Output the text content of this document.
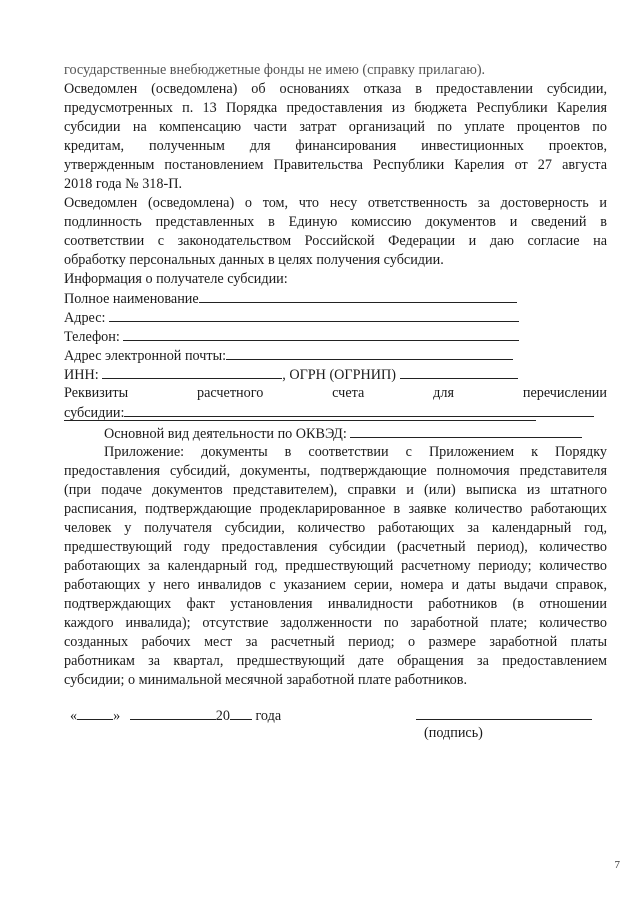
государственные внебюджетные фонды не имею (справку прилагаю).
Осведомлен (осведомлена) об основаниях отказа в предоставлении субсидии,
предусмотренных п. 13 Порядка предоставления из бюджета Республики Карелия
субсидии на компенсацию части затрат организаций по уплате процентов по
кредитам, полученным для финансирования инвестиционных проектов,
утвержденным постановлением Правительства Республики Карелия от 27 августа
2018 года № 318-П.
Осведомлен (осведомлена) о том, что несу ответственность за достоверность и
подлинность представленных в Единую комиссию документов и сведений в
соответствии с законодательством Российской Федерации и даю согласие на
обработку персональных данных в целях получения субсидии.
Информация о получателе субсидии:
Полное наименование
Адрес:
Телефон:
Адрес электронной почты:
ИНН:	, ОГРН (ОГРНИП)
Реквизиты	расчетного	счета	для	перечислении
субсидии:
Основной вид деятельности по ОКВЭД:
Приложение: документы в соответствии с Приложением к Порядку
предоставления субсидий, документы, подтверждающие полномочия представителя
(при подаче документов представителем), справки и (или) выписка из штатного
расписания, подтверждающие продекларированное в заявке количество работающих
человек у получателя субсидии, количество работающих за календарный год,
предшествующий году предоставления субсидии (расчетный период), количество
работающих за календарный год, предшествующий расчетному периоду; количество
работающих у него инвалидов с указанием серии, номера и даты выдачи справок,
подтверждающих факт установления инвалидности работников (в отношении
каждого инвалида); отсутствие задолженности по заработной плате; количество
созданных рабочих мест за расчетный период; о размере заработной платы
работникам за квартал, предшествующий дате обращения за предоставлением
субсидии; о минимальной месячной заработной плате работников.
«	»	20 года
(подпись)
7
